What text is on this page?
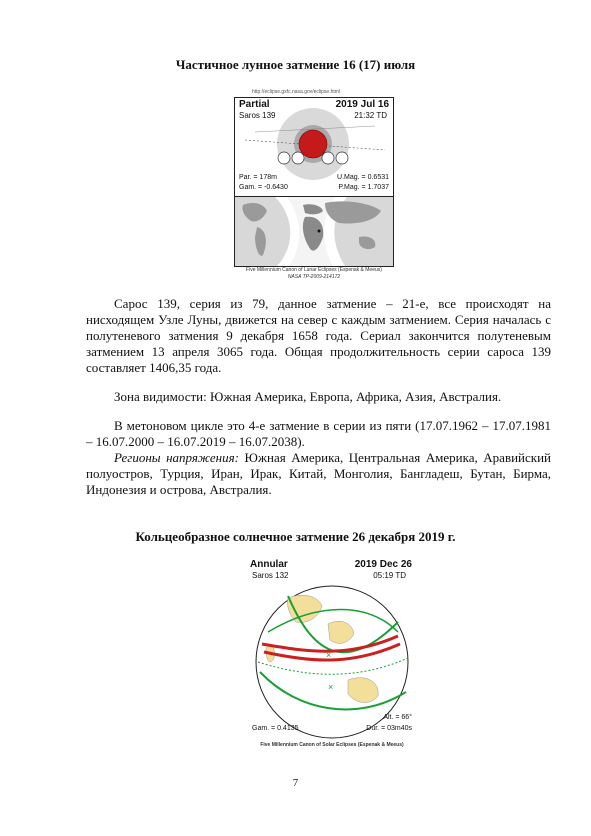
Частичное лунное затмение 16 (17) июля
http://eclipse.gsfc.nasa.gov/eclipse.html
Partial	2019 Jul 16
Saros 139	21:32 TD
Par. = 178m
Gam. = -0.6430
U.Mag. = 0.6531
P.Mag. = 1.7037
Five Millennium Canon of Lunar Eclipses (Espenak & Meeus)
NASA TP-2009-214172

Сарос 139, серия из 79, данное затмение – 21-е, все происходят на нисходящем Узле Луны, движется на север с каждым затмением. Серия началась с полутеневого затмения 9 декабря 1658 года. Сериал закончится полутеневым затмением 13 апреля 3065 года. Общая продолжительность серии сароса 139 составляет 1406,35 года.

Зона видимости: Южная Америка, Европа, Африка, Азия, Австралия.

В метоновом цикле это 4-е затмение в серии из пяти (17.07.1962 – 17.07.1981 – 16.07.2000 – 16.07.2019 – 16.07.2038).

Регионы напряжения: Южная Америка, Центральная Америка, Аравийский полуостров, Турция, Иран, Ирак, Китай, Монголия, Бангладеш, Бутан, Бирма, Индонезия и острова, Австралия.

Кольцеобразное солнечное затмение 26 декабря 2019 г.
×
×
Annular	2019 Dec 26
Saros 132	05:19 TD
Alt. = 66°
Gam. = 0.4135	Dur. = 03m40s
Five Millennium Canon of Solar Eclipses (Espenak & Meeus)
7
